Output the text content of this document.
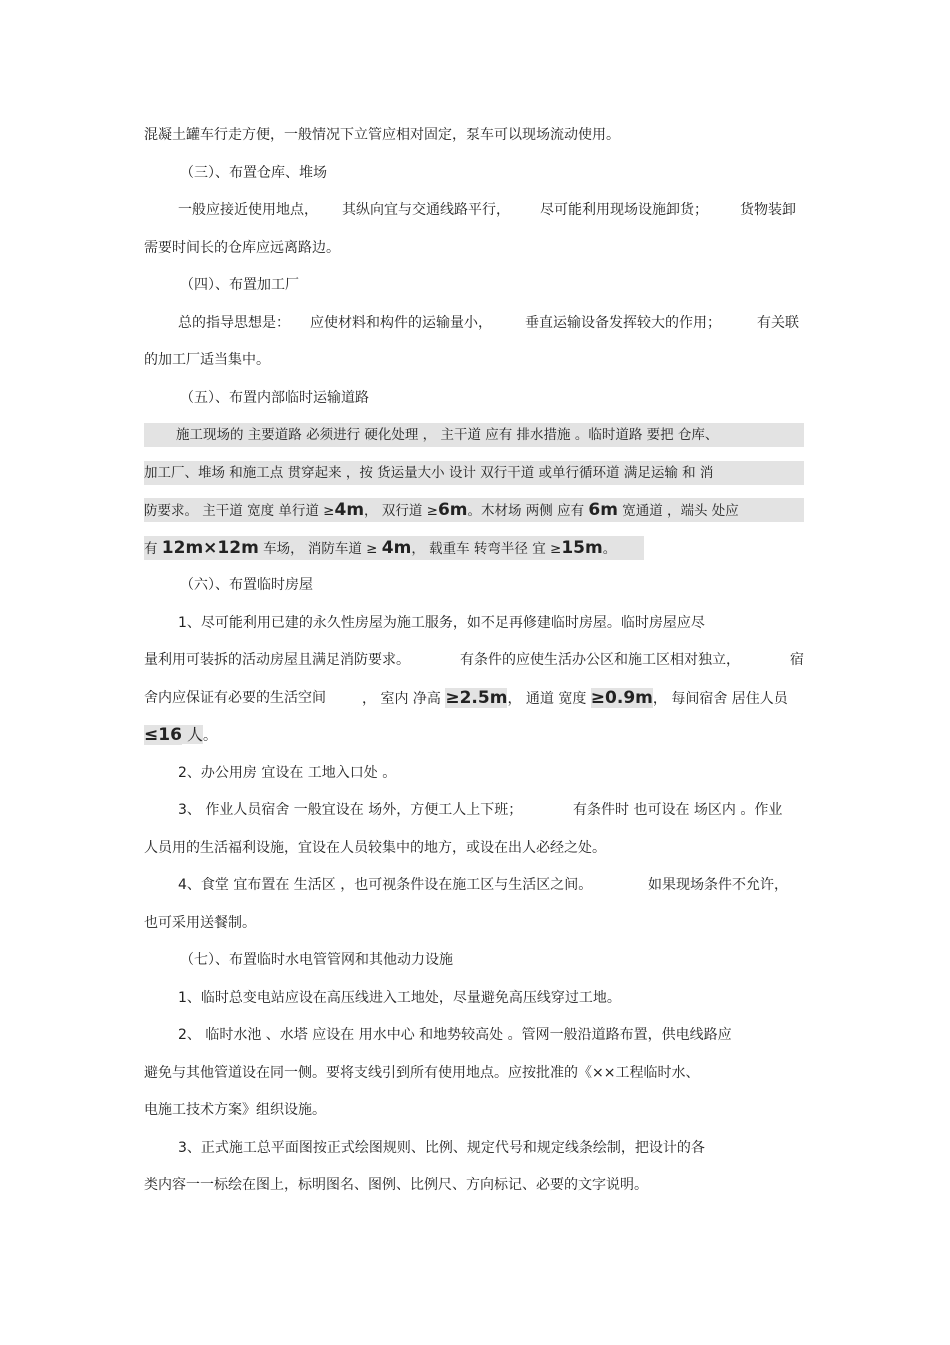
混凝土罐车行走方便，一般情况下立管应相对固定，泵车可以现场流动使用。
（三）、布置仓库、堆场
一般应接近使用地点， 其纵向宜与交通线路平行， 尽可能利用现场设施卸货； 货物装卸
需要时间长的仓库应远离路边。
（四）、布置加工厂
总的指导思想是： 应使材料和构件的运输量小， 垂直运输设备发挥较大的作用；	有关联
的加工厂适当集中。
（五）、布置内部临时运输道路
施工现场的 主要道路 必须进行 硬化处理 ， 主干道 应有 排水措施 。临时道路 要把 仓库、
加工厂、堆场 和施工点 贯穿起来 ，按 货运量大小 设计 双行干道 或单行循环道 满足运输 和 消
防要求。 主干道 宽度 单行道 ≥4m， 双行道 ≥6m。木材场 两侧 应有 6m 宽通道 ，端头 处应
有 12m×12m 车场， 消防车道 ≥ 4m， 载重车 转弯半径 宜 ≥15m。
（六）、布置临时房屋
1、尽可能利用已建的永久性房屋为施工服务，如不足再修建临时房屋。临时房屋应尽
量利用可装拆的活动房屋且满足消防要求。	有条件的应使生活办公区和施工区相对独立，	宿
舍内应保证有必要的生活空间	， 室内 净高 ≥2.5m， 通道 宽度 ≥0.9m， 每间宿舍 居住人员
≤16 人。
2、办公用房 宜设在 工地入口处 。
3、 作业人员宿舍 一般宜设在 场外，方便工人上下班；	有条件时 也可设在 场区内 。作业
人员用的生活福利设施，宜设在人员较集中的地方，或设在出人必经之处。
4、食堂 宜布置在 生活区 ，也可视条件设在施工区与生活区之间。	如果现场条件不允许，
也可采用送餐制。
（七）、布置临时水电管管网和其他动力设施
1、临时总变电站应设在高压线进入工地处，尽量避免高压线穿过工地。
2、 临时水池 、水塔 应设在 用水中心 和地势较高处 。管网一般沿道路布置，供电线路应
避免与其他管道设在同一侧。要将支线引到所有使用地点。应按批准的《××工程临时水、
电施工技术方案》组织设施。
3、正式施工总平面图按正式绘图规则、比例、规定代号和规定线条绘制，把设计的各
类内容一一标绘在图上，标明图名、图例、比例尺、方向标记、必要的文字说明。
